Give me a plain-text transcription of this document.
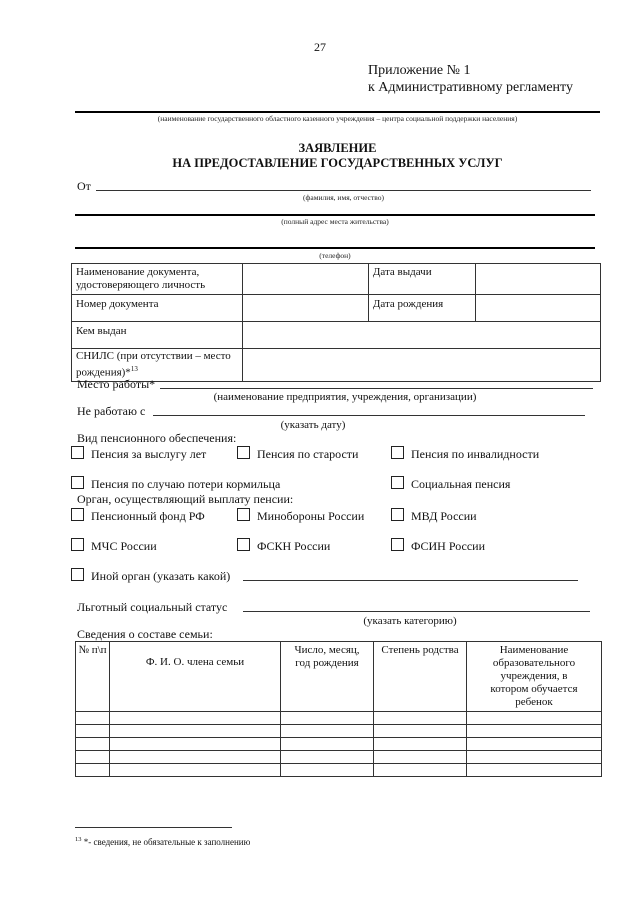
27
Приложение № 1
к Административному регламенту
(наименование государственного областного казенного учреждения – центра социальной поддержки населения)
ЗАЯВЛЕНИЕ
НА ПРЕДОСТАВЛЕНИЕ ГОСУДАРСТВЕННЫХ УСЛУГ
От
(фамилия, имя, отчество)
(полный адрес места жительства)
(телефон)
Наименование документа, удостоверяющего личность		Дата выдачи	
Номер документа		Дата рождения	
Кем выдан			
СНИЛС (при отсутствии – место рождения)*$^{13}$	
Место работы*
(наименование предприятия, учреждения, организации)
Не работаю с
(указать дату)
Вид пенсионного обеспечения:
Пенсия за выслугу лет	Пенсия по старости	Пенсия по инвалидности
Пенсия по случаю потери кормильца	Социальная пенсия
Орган, осуществляющий выплату пенсии:
Пенсионный фонд РФ	Минобороны России	МВД России
МЧС России	ФСКН России	ФСИН России
Иной орган (указать какой)
Льготный социальный статус
(указать категорию)
Сведения о составе семьи:
№ п\п	Ф. И. О. члена семьи	Число, месяц, год рождения	Степень родства	Наименование образовательного учреждения, в котором обучается ребенок

$^{13}$ *- сведения, не обязательные к заполнению
